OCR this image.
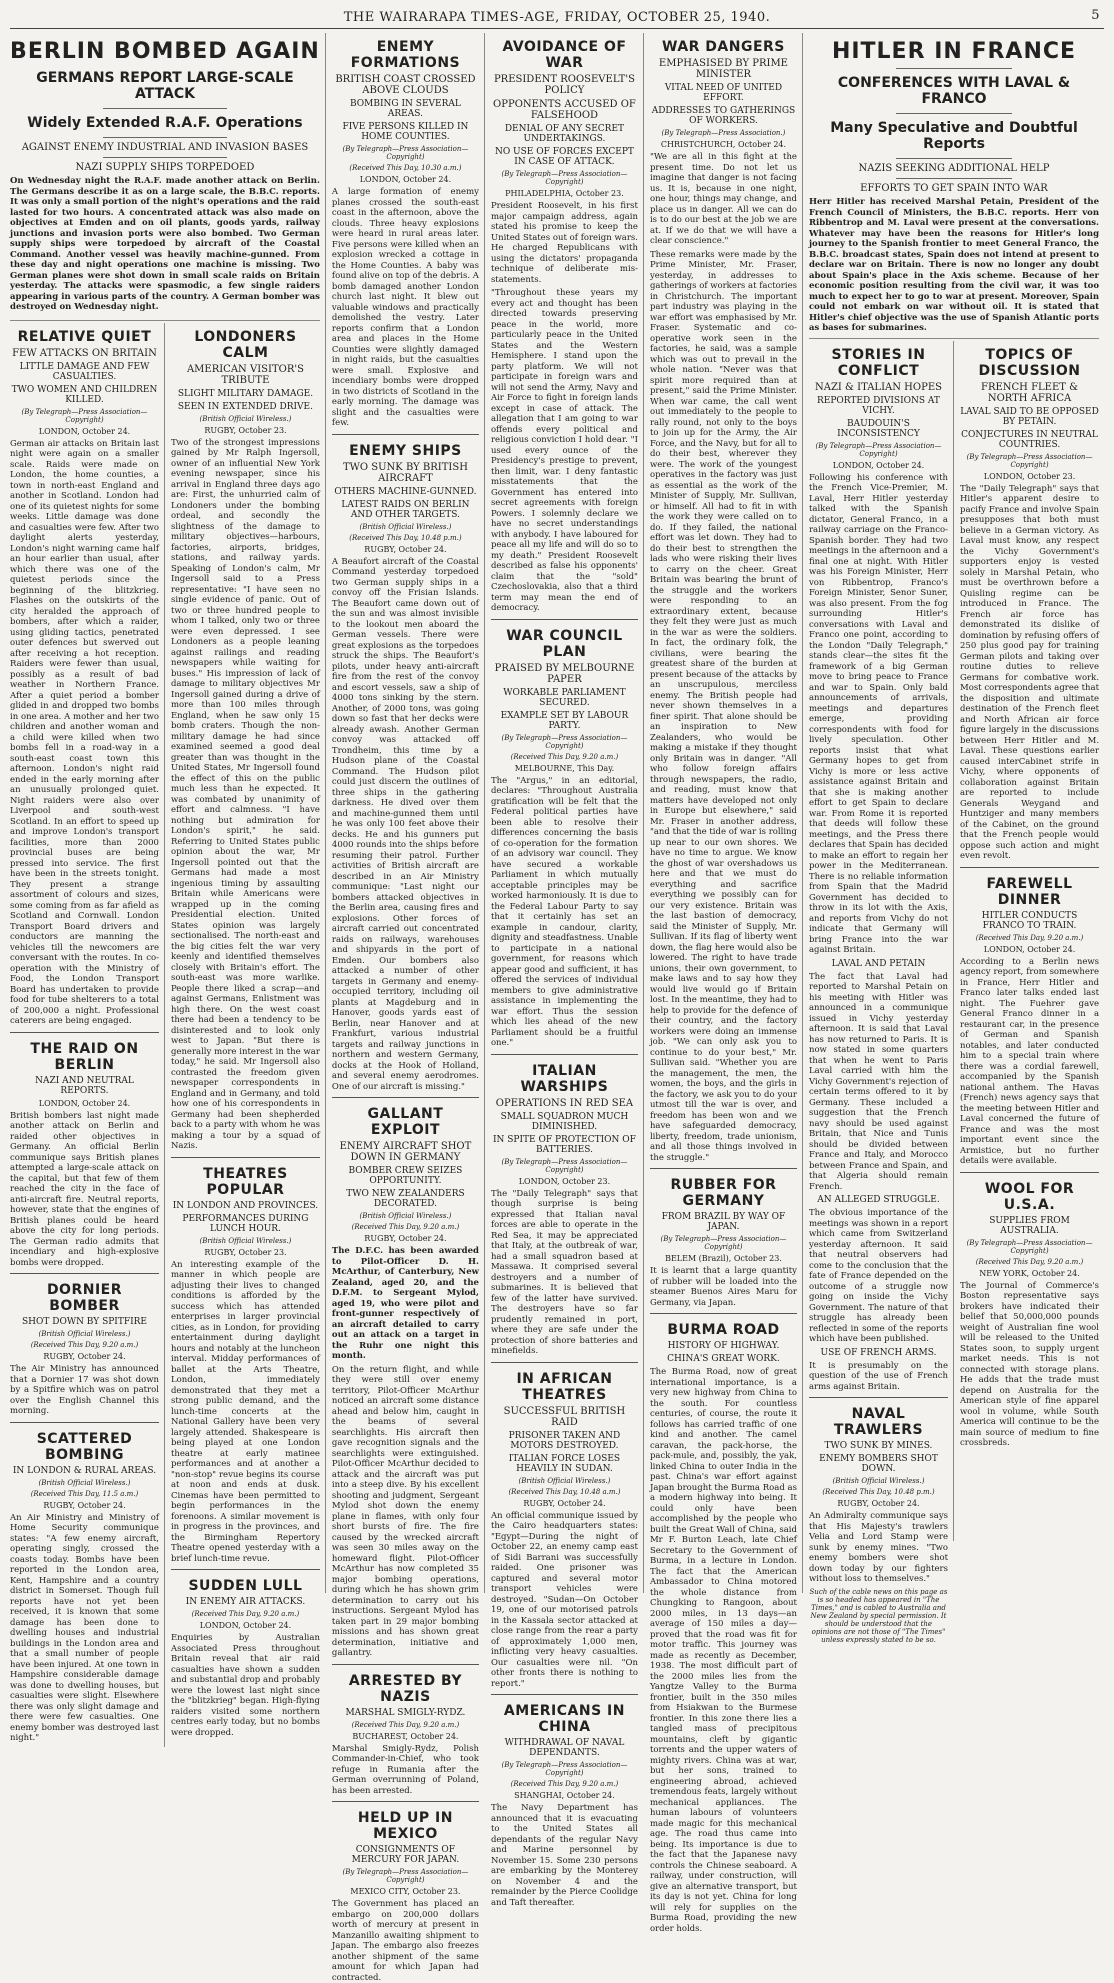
THE WAIRARAPA TIMES-AGE, FRIDAY, OCTOBER 25, 1940.	5
BERLIN BOMBED AGAIN
GERMANS REPORT LARGE-SCALE ATTACK
Widely Extended R.A.F. Operations
AGAINST ENEMY INDUSTRIAL AND INVASION BASES
NAZI SUPPLY SHIPS TORPEDOED
On Wednesday night the R.A.F. made another attack on Berlin. The Germans describe it as on a large scale, the B.B.C. reports. It was only a small portion of the night's operations and the raid lasted for two hours. A concentrated attack was also made on objectives at Emden and on oil plants, goods yards, railway junctions and invasion ports were also bombed. Two German supply ships were torpedoed by aircraft of the Coastal Command. Another vessel was heavily machine-gunned. From these day and night operations one machine is missing. Two German planes were shot down in small scale raids on Britain yesterday. The attacks were spasmodic, a few single raiders appearing in various parts of the country. A German bomber was destroyed on Wednesday night.
RELATIVE QUIET
FEW ATTACKS ON BRITAIN
LITTLE DAMAGE AND FEW CASUALTIES.
TWO WOMEN AND CHILDREN KILLED.
(By Telegraph—Press Association—Copyright)
LONDON, October 24.
German air attacks on Britain last night were again on a smaller scale. Raids were made on London, the home counties, a town in north-east England and another in Scotland. London had one of its quietest nights for some weeks. Little damage was done and casualties were few. After two daylight alerts yesterday, London's night warning came half an hour earlier than usual, after which there was one of the quietest periods since the beginning of the blitzkrieg. Flashes on the outskirts of the city heralded the approach of bombers, after which a raider, using gliding tactics, penetrated outer defences but swerved out after receiving a hot reception. Raiders were fewer than usual, possibly as a result of bad weather in Northern France. After a quiet period a bomber glided in and dropped two bombs in one area. A mother and her two children and another woman and a child were killed when two bombs fell in a road-way in a south-east coast town this afternoon. London's night raid ended in the early morning after an unusually prolonged quiet. Night raiders were also over Liverpool and south-west Scotland. In an effort to speed up and improve London's transport facilities, more than 2000 provincial buses are being pressed into service. The first have been in the streets tonight. They present a strange assortment of colours and sizes, some coming from as far afield as Scotland and Cornwall. London Transport Board drivers and conductors are manning the vehicles till the newcomers are conversant with the routes. In co-operation with the Ministry of Food, the London Transport Board has undertaken to provide food for tube shelterers to a total of 200,000 a night. Professional caterers are being engaged.
THE RAID ON BERLIN
NAZI AND NEUTRAL REPORTS.
LONDON, October 24.
British bombers last night made another attack on Berlin and raided other objectives in Germany. An official Berlin communique says British planes attempted a large-scale attack on the capital, but that few of them reached the city in the face of anti-aircraft fire. Neutral reports, however, state that the engines of British planes could be heard above the city for long periods. The German radio admits that incendiary and high-explosive bombs were dropped.
DORNIER BOMBER
SHOT DOWN BY SPITFIRE
(British Official Wireless.)
(Received This Day, 9.20 a.m.)
RUGBY, October 24.
The Air Ministry has announced that a Dornier 17 was shot down by a Spitfire which was on patrol over the English Channel this morning.
SCATTERED BOMBING
IN LONDON & RURAL AREAS.
(British Official Wireless.)
(Received This Day, 11.5 a.m.)
RUGBY, October 24.
An Air Ministry and Ministry of Home Security communique states: "A few enemy aircraft, operating singly, crossed the coasts today. Bombs have been reported in the London area, Kent, Hampshire and a country district in Somerset. Though full reports have not yet been received, it is known that some damage has been done to dwelling houses and industrial buildings in the London area and that a small number of people have been injured. At one town in Hampshire considerable damage was done to dwelling houses, but casualties were slight. Elsewhere there was only slight damage and there were few casualties. One enemy bomber was destroyed last night."
LONDONERS CALM
AMERICAN VISITOR'S TRIBUTE
SLIGHT MILITARY DAMAGE.
SEEN IN EXTENDED DRIVE.
(British Official Wireless.)
RUGBY, October 23.
Two of the strongest impressions gained by Mr Ralph Ingersoll, owner of an influential New York evening newspaper, since his arrival in England three days ago are: First, the unhurried calm of Londoners under the bombing ordeal, and secondly the slightness of the damage to military objectives—harbours, factories, airports, bridges, stations, and railway yards. Speaking of London's calm, Mr Ingersoll said to a Press representative: "I have seen no single evidence of panic. Out of two or three hundred people to whom I talked, only two or three were even depressed. I see Londoners as a people leaning against railings and reading newspapers while waiting for buses." His impression of lack of damage to military objectives Mr Ingersoll gained during a drive of more than 100 miles through England, when he saw only 15 bomb craters. Though the non-military damage he had since examined seemed a good deal greater than was thought in the United States, Mr Ingersoll found the effect of this on the public much less than he expected. It was combated by unanimity of effort and calmness. "I have nothing but admiration for London's spirit," he said. Referring to United States public opinion about the war, Mr Ingersoll pointed out that the Germans had made a most ingenious timing by assaulting Britain while Americans were wrapped up in the coming Presidential election. United States opinion was largely sectionalised. The north-east and the big cities felt the war very keenly and identified themselves closely with Britain's effort. The south-east was more warlike. People there liked a scrap—and against Germans, Enlistment was high there. On the west coast there had been a tendency to be disinterested and to look only west to Japan. "But there is generally more interest in the war today," he said. Mr Ingersoll also contrasted the freedom given newspaper correspondents in England and in Germany, and told how one of his correspondents in Germany had been shepherded back to a party with whom he was making a tour by a squad of Nazis.
THEATRES POPULAR
IN LONDON AND PROVINCES.
PERFORMANCES DURING LUNCH HOUR.
(British Official Wireless.)
RUGBY, October 23.
An interesting example of the manner in which people are adjusting their lives to changed conditions is afforded by the success which has attended enterprises in larger provincial cities, as in London, for providing entertainment during daylight hours and notably at the luncheon interval. Midday performances of ballet at the Arts Theatre, London, immediately demonstrated that they met a strong public demand, and the lunch-time concerts at the National Gallery have been very largely attended. Shakespeare is being played at one London theatre at early matinee performances and at another a "non-stop" revue begins its course at noon and ends at dusk. Cinemas have been permitted to begin performances in the forenoons. A similar movement is in progress in the provinces, and the Birmingham Repertory Theatre opened yesterday with a brief lunch-time revue.
SUDDEN LULL
IN ENEMY AIR ATTACKS.
(Received This Day, 9.20 a.m.)
LONDON, October 24.
Enquiries by Australian Associated Press throughout Britain reveal that air raid casualties have shown a sudden and substantial drop and probably were the lowest last night since the "blitzkrieg" began. High-flying raiders visited some northern centres early today, but no bombs were dropped.
ENEMY FORMATIONS
BRITISH COAST CROSSED ABOVE CLOUDS
BOMBING IN SEVERAL AREAS.
FIVE PERSONS KILLED IN HOME COUNTIES.
(By Telegraph—Press Association—Copyright)
(Received This Day, 10.30 a.m.)
LONDON, October 24.
A large formation of enemy planes crossed the south-east coast in the afternoon, above the clouds. Three heavy explosions were heard in rural areas later. Five persons were killed when an explosion wrecked a cottage in the Home Counties. A baby was found alive on top of the debris. A bomb damaged another London church last night. It blew out valuable windows and practically demolished the vestry. Later reports confirm that a London area and places in the Home Counties were slightly damaged in night raids, but the casualties were small. Explosive and incendiary bombs were dropped in two districts of Scotland in the early morning. The damage was slight and the casualties were few.
ENEMY SHIPS
TWO SUNK BY BRITISH AIRCRAFT
OTHERS MACHINE-GUNNED.
LATEST RAIDS ON BERLIN AND OTHER TARGETS.
(British Official Wireless.)
(Received This Day, 10.48 p.m.)
RUGBY, October 24.
A Beaufort aircraft of the Coastal Command yesterday torpedoed two German supply ships in a convoy off the Frisian Islands. The Beaufort came down out of the sun and was almost invisible to the lookout men aboard the German vessels. There were great explosions as the torpedoes struck the ships. The Beaufort's pilots, under heavy anti-aircraft fire from the rest of the convoy and escort vessels, saw a ship of 4000 tons sinking by the stern. Another, of 2000 tons, was going down so fast that her decks were already awash. Another German convoy was attacked off Trondheim, this time by a Hudson plane of the Coastal Command. The Hudson pilot could just discern the outlines of three ships in the gathering darkness. He dived over them and machine-gunned them until he was only 100 feet above their decks. He and his gunners put 4000 rounds into the ships before resuming their patrol. Further activities of British aircraft are described in an Air Ministry communique: "Last night our bombers attacked objectives in the Berlin area, causing fires and explosions. Other forces of aircraft carried out concentrated raids on railways, warehouses and shipyards in the port of Emden. Our bombers also attacked a number of other targets in Germany and enemy-occupied territory, including oil plants at Magdeburg and in Hanover, goods yards east of Berlin, near Hanover and at Frankfurt, various industrial targets and railway junctions in northern and western Germany, docks at the Hook of Holland, and several enemy aerodromes. One of our aircraft is missing."
GALLANT EXPLOIT
ENEMY AIRCRAFT SHOT DOWN IN GERMANY
BOMBER CREW SEIZES OPPORTUNITY.
TWO NEW ZEALANDERS DECORATED.
(British Official Wireless.)
(Received This Day, 9.20 a.m.)
RUGBY, October 24.
The D.F.C. has been awarded to Pilot-Officer D. H. McArthur, of Canterbury, New Zealand, aged 20, and the D.F.M. to Sergeant Mylod, aged 19, who were pilot and front-gunner respectively of an aircraft detailed to carry out an attack on a target in the Ruhr one night this month.
On the return flight, and while they were still over enemy territory, Pilot-Officer McArthur noticed an aircraft some distance ahead and below him, caught in the beams of several searchlights. His aircraft then gave recognition signals and the searchlights were extinguished. Pilot-Officer McArthur decided to attack and the aircraft was put into a steep dive. By his excellent shooting and judgment, Sergeant Mylod shot down the enemy plane in flames, with only four short bursts of fire. The fire caused by the wrecked aircraft was seen 30 miles away on the homeward flight. Pilot-Officer McArthur has now completed 35 major bombing operations, during which he has shown grim determination to carry out his instructions. Sergeant Mylod has taken part in 29 major bombing missions and has shown great determination, initiative and gallantry.
ARRESTED BY NAZIS
MARSHAL SMIGLY-RYDZ.
(Received This Day, 9.20 a.m.)
BUCHAREST, October 24.
Marshal Smigly-Rydz, Polish Commander-in-Chief, who took refuge in Rumania after the German overrunning of Poland, has been arrested.
HELD UP IN MEXICO
CONSIGNMENTS OF MERCURY FOR JAPAN.
(By Telegraph—Press Association—Copyright)
MEXICO CITY, October 23.
The Government has placed an embargo on 200,000 dollars worth of mercury at present in Manzanillo awaiting shipment to Japan. The embargo also freezes another shipment of the same amount for which Japan had contracted.
AVOIDANCE OF WAR
PRESIDENT ROOSEVELT'S POLICY
OPPONENTS ACCUSED OF FALSEHOOD
DENIAL OF ANY SECRET UNDERTAKINGS.
NO USE OF FORCES EXCEPT IN CASE OF ATTACK.
(By Telegraph—Press Association—Copyright)
PHILADELPHIA, October 23.
President Roosevelt, in his first major campaign address, again stated his promise to keep the United States out of foreign wars. He charged Republicans with using the dictators' propaganda technique of deliberate mis-statements.
"Throughout these years my every act and thought has been directed towards preserving peace in the world, more particularly peace in the United States and the Western Hemisphere. I stand upon the party platform. We will not participate in foreign wars and will not send the Army, Navy and Air Force to fight in foreign lands except in case of attack. The allegation that I am going to war offends every political and religious conviction I hold dear. "I used every ounce of the Presidency's prestige to prevent, then limit, war. I deny fantastic misstatements that the Government has entered into secret agreements with foreign Powers. I solemnly declare we have no secret understandings with anybody. I have laboured for peace all my life and will do so to my death." President Roosevelt described as false his opponents' claim that the "sold" Czechoslovakia, also that a third term may mean the end of democracy.
WAR COUNCIL PLAN
PRAISED BY MELBOURNE PAPER
WORKABLE PARLIAMENT SECURED.
EXAMPLE SET BY LABOUR PARTY.
(By Telegraph—Press Association—Copyright)
(Received This Day, 9.20 a.m.)
MELBOURNE, This Day.
The "Argus," in an editorial, declares: "Throughout Australia gratification will be felt that the Federal political parties have been able to resolve their differences concerning the basis of co-operation for the formation of an advisory war council. They have secured a workable Parliament in which mutually acceptable principles may be worked harmoniously. It is due to the Federal Labour Party to say that it certainly has set an example in candour, clarity, dignity and steadfastness. Unable to participate in a national government, for reasons which appear good and sufficient, it has offered the services of individual members to give administrative assistance in implementing the war effort. Thus the session which lies ahead of the new Parliament should be a fruitful one."
ITALIAN WARSHIPS
OPERATIONS IN RED SEA
SMALL SQUADRON MUCH DIMINISHED.
IN SPITE OF PROTECTION OF BATTERIES.
(By Telegraph—Press Association—Copyright)
LONDON, October 23.
The "Daily Telegraph" says that though surprise is being expressed that Italian naval forces are able to operate in the Red Sea, it may be appreciated that Italy, at the outbreak of war, had a small squadron based at Massawa. It comprised several destroyers and a number of submarines. It is believed that few of the latter have survived. The destroyers have so far prudently remained in port, where they are safe under the protection of shore batteries and minefields.
IN AFRICAN THEATRES
SUCCESSFUL BRITISH RAID
PRISONER TAKEN AND MOTORS DESTROYED.
ITALIAN FORCE LOSES HEAVILY IN SUDAN.
(British Official Wireless.)
(Received This Day, 10.48 a.m.)
RUGBY, October 24.
An official communique issued by the Cairo headquarters states: "Egypt—During the night of October 22, an enemy camp east of Sidi Barrani was successfully raided. One prisoner was captured and several motor transport vehicles were destroyed. "Sudan—On October 19, one of our motorised patrols in the Kassala sector attacked at close range from the rear a party of approximately 1,000 men, inflicting very heavy casualties. Our casualties were nil. "On other fronts there is nothing to report."
AMERICANS IN CHINA
WITHDRAWAL OF NAVAL DEPENDANTS.
(By Telegraph—Press Association—Copyright)
(Received This Day, 9.20 a.m.)
SHANGHAI, October 24.
The Navy Department has announced that it is evacuating to the United States all dependants of the regular Navy and Marine personnel by November 15. Some 230 persons are embarking by the Monterey on November 4 and the remainder by the Pierce Coolidge and Taft thereafter.
WAR DANGERS
EMPHASISED BY PRIME MINISTER
VITAL NEED OF UNITED EFFORT.
ADDRESSES TO GATHERINGS OF WORKERS.
(By Telegraph—Press Association.)
CHRISTCHURCH, October 24.
"We are all in this fight at the present time. Do not let us imagine that danger is not facing us. It is, because in one night, one hour, things may change, and place us in danger. All we can do is to do our best at the job we are at. If we do that we will have a clear conscience."
These remarks were made by the Prime Minister, Mr. Fraser, yesterday, in addresses to gatherings of workers at factories in Christchurch. The important part industry was playing in the war effort was emphasised by Mr. Fraser. Systematic and co-operative work seen in the factories, he said, was a sample which was out to prevail in the whole nation. "Never was that spirit more required than at present," said the Prime Minister. When war came, the call went out immediately to the people to rally round, not only to the boys to join up for the Army, the Air Force, and the Navy, but for all to do their best, wherever they were. The work of the youngest operatives in the factory was just as essential as the work of the Minister of Supply, Mr. Sullivan, or himself. All had to fit in with the work they were called on to do. If they failed, the national effort was let down. They had to do their best to strengthen the lads who were risking their lives to carry on the cheer. Great Britain was bearing the brunt of the struggle and the workers were responding to an extraordinary extent, because they felt they were just as much in the war as were the soldiers. In fact, the ordinary folk, the civilians, were bearing the greatest share of the burden at present because of the attacks by an unscrupulous, merciless enemy. The British people had never shown themselves in a finer spirit. That alone should be an inspiration to New Zealanders, who would be making a mistake if they thought only Britain was in danger. "All who follow foreign affairs through newspapers, the radio, and reading, must know that matters have developed not only in Europe but elsewhere," said Mr. Fraser in another address, "and that the tide of war is rolling up near to our own shores. We have no time to argue. We know the ghost of war overshadows us here and that we must do everything and sacrifice everything we possibly can for our very existence. Britain was the last bastion of democracy, said the Minister of Supply, Mr. Sullivan. If its flag of liberty went down, the flag here would also be lowered. The right to have trade unions, their own government, to make laws and to say how they would live would go if Britain lost. In the meantime, they had to help to provide for the defence of their country, and the factory workers were doing an immense job. "We can only ask you to continue to do your best," Mr. Sullivan said. "Whether you are the management, the men, the women, the boys, and the girls in the factory, we ask you to do your utmost till the war is over, and freedom has been won and we have safeguarded democracy, liberty, freedom, trade unionism, and all those things involved in the struggle."
RUBBER FOR GERMANY
FROM BRAZIL BY WAY OF JAPAN.
(By Telegraph—Press Association—Copyright)
BELEM (Brazil), October 23.
It is learnt that a large quantity of rubber will be loaded into the steamer Buenos Aires Maru for Germany, via Japan.
BURMA ROAD
HISTORY OF HIGHWAY.
CHINA'S GREAT WORK.
The Burma Road, now of great international importance, is a very new highway from China to the south. For countless centuries, of course, the route it follows has carried traffic of one kind and another. The camel caravan, the pack-horse, the pack-mule, and, possibly, the yak, linked China to outer India in the past. China's war effort against Japan brought the Burma Road as a modern highway into being. It could only have been accomplished by the people who built the Great Wall of China, said Mr F. Burton Leach, late Chief Secretary to the Government of Burma, in a lecture in London. The fact that the American Ambassador to China motored the whole distance from Chungking to Rangoon, about 2000 miles, in 13 days—an average of 150 miles a day—proved that the road was fit for motor traffic. This journey was made as recently as December, 1938. The most difficult part of the 2000 miles lies from the Yangtze Valley to the Burma frontier, built in the 350 miles from Hsiakwan to the Burmese frontier. In this zone there lies a tangled mass of precipitous mountains, cleft by gigantic torrents and the upper waters of mighty rivers. China was at war, but her sons, trained to engineering abroad, achieved tremendous feats, largely without mechanical appliances. The human labours of volunteers made magic for this mechanical age. The road thus came into being. Its importance is due to the fact that the Japanese navy controls the Chinese seaboard. A railway, under construction, will give an alternative transport, but its day is not yet. China for long will rely for supplies on the Burma Road, providing the new order holds.
HITLER IN FRANCE
CONFERENCES WITH LAVAL & FRANCO
Many Speculative and Doubtful Reports
NAZIS SEEKING ADDITIONAL HELP
EFFORTS TO GET SPAIN INTO WAR
Herr Hitler has received Marshal Petain, President of the French Council of Ministers, the B.B.C. reports. Herr von Ribbentrop and M. Laval were present at the conversations. Whatever may have been the reasons for Hitler's long journey to the Spanish frontier to meet General Franco, the B.B.C. broadcast states, Spain does not intend at present to declare war on Britain. There is now no longer any doubt about Spain's place in the Axis scheme. Because of her economic position resulting from the civil war, it was too much to expect her to go to war at present. Moreover, Spain could not embark on war without oil. It is stated that Hitler's chief objective was the use of Spanish Atlantic ports as bases for submarines.
STORIES IN CONFLICT
NAZI & ITALIAN HOPES
REPORTED DIVISIONS AT VICHY.
BAUDOUIN'S INCONSISTENCY
(By Telegraph—Press Association—Copyright)
LONDON, October 24.
Following his conference with the French Vice-Premier, M. Laval, Herr Hitler yesterday talked with the Spanish dictator, General Franco, in a railway carriage on the Franco-Spanish border. They had two meetings in the afternoon and a final one at night. With Hitler was his Foreign Minister, Herr von Ribbentrop, Franco's Foreign Minister, Senor Suner, was also present. From the fog surrounding Hitler's conversations with Laval and Franco one point, according to the London "Daily Telegraph," stands clear—the sites fit the framework of a big German move to bring peace to France and war to Spain. Only bald announcements of arrivals, meetings and departures emerge, providing correspondents with food for lively speculation. Other reports insist that what Germany hopes to get from Vichy is more or less active assistance against Britain and that she is making another effort to get Spain to declare war. From Rome it is reported that deeds will follow these meetings, and the Press there declares that Spain has decided to make an effort to regain her power in the Mediterranean. There is no reliable information from Spain that the Madrid Government has decided to throw in its lot with the Axis, and reports from Vichy do not indicate that Germany will bring France into the war against Britain.
LAVAL AND PETAIN
The fact that Laval had reported to Marshal Petain on his meeting with Hitler was announced in a communique issued in Vichy yesterday afternoon. It is said that Laval has now returned to Paris. It is now stated in some quarters that when he went to Paris Laval carried with him the Vichy Government's rejection of certain terms offered to it by Germany. These included a suggestion that the French navy should be used against Britain, that Nice and Tunis should be divided between France and Italy, and Morocco between France and Spain, and that Algeria should remain French.
AN ALLEGED STRUGGLE.
The obvious importance of the meetings was shown in a report which came from Switzerland yesterday afternoon. It said that neutral observers had come to the conclusion that the fate of France depended on the outcome of a struggle now going on inside the Vichy Government. The nature of that struggle has already been reflected in some of the reports which have been published.
USE OF FRENCH ARMS.
It is presumably on the question of the use of French arms against Britain.
NAVAL TRAWLERS
TWO SUNK BY MINES.
ENEMY BOMBERS SHOT DOWN.
(British Official Wireless.)
(Received This Day, 10.48 p.m.)
RUGBY, October 24.
An Admiralty communique says that His Majesty's trawlers Velia and Lord Stamp were sunk by enemy mines. "Two enemy bombers were shot down today by our fighters without loss to themselves."
Such of the cable news on this page as is so headed has appeared in "The Times," and is cabled to Australia and New Zealand by special permission. It should be understood that the opinions are not those of "The Times" unless expressly stated to be so.
TOPICS OF DISCUSSION
FRENCH FLEET & NORTH AFRICA
LAVAL SAID TO BE OPPOSED BY PETAIN.
CONJECTURES IN NEUTRAL COUNTRIES.
(By Telegraph—Press Association—Copyright)
LONDON, October 23.
The "Daily Telegraph" says that Hitler's apparent desire to pacify France and involve Spain presupposes that both must believe in a German victory. As Laval must know, any respect the Vichy Government's supporters enjoy is vested solely in Marshal Petain, who must be overthrown before a Quisling regime can be introduced in France. The French air force has demonstrated its dislike of domination by refusing offers of 250 plus good pay for training German pilots and taking over routine duties to relieve Germans for combative work. Most correspondents agree that the disposition and ultimate destination of the French fleet and North African air force figure largely in the discussions between Herr Hitler and M. Laval. These questions earlier caused interCabinet strife in Vichy, where opponents of collaboration against Britain are reported to include Generals Weygand and Huntziger and many members of the Cabinet, on the ground that the French people would oppose such action and might even revolt.
FAREWELL DINNER
HITLER CONDUCTS FRANCO TO TRAIN.
(Received This Day, 9.20 a.m.)
LONDON, October 24.
According to a Berlin news agency report, from somewhere in France, Herr Hitler and Franco later talks ended last night. The Fuehrer gave General Franco dinner in a restaurant car, in the presence of German and Spanish notables, and later conducted him to a special train where there was a cordial farewell, accompanied by the Spanish national anthem. The Havas (French) news agency says that the meeting between Hitler and Laval concerned the future of France and was the most important event since the Armistice, but no further details were available.
WOOL FOR U.S.A.
SUPPLIES FROM AUSTRALIA.
(By Telegraph—Press Association—Copyright)
(Received This Day, 9.20 a.m.)
NEW YORK, October 24.
The Journal of Commerce's Boston representative says brokers have indicated their belief that 50,000,000 pounds weight of Australian fine wool will be released to the United States soon, to supply urgent market needs. This is not connected with storage plans. He adds that the trade must depend on Australia for the American style of fine apparel wool in volume, while South America will continue to be the main source of medium to fine crossbreds.
